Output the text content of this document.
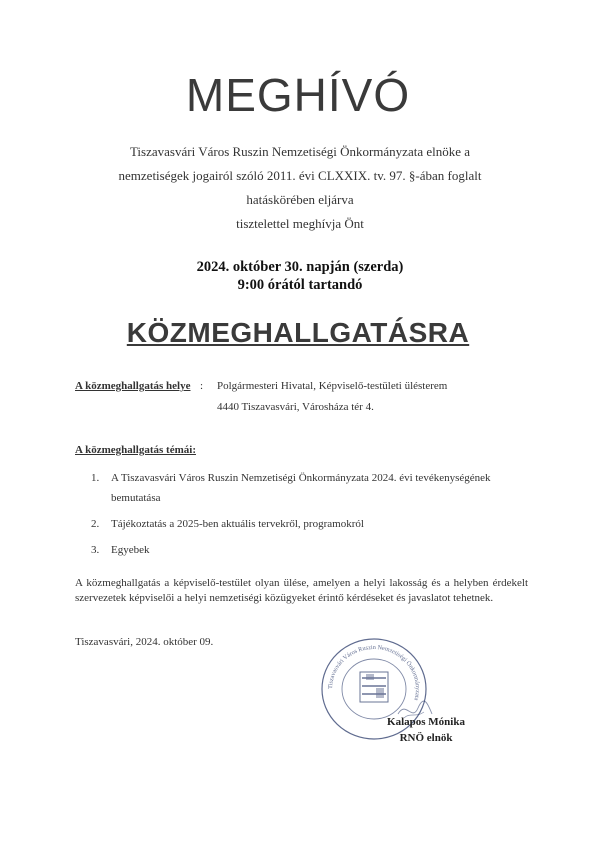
MEGHÍVÓ
Tiszavasvári Város Ruszin Nemzetiségi Önkormányzata elnöke a
nemzetiségek jogairól szóló 2011. évi CLXXIX. tv. 97. §-ában foglalt
hatáskörében eljárva
tisztelettel meghívja Önt
2024. október 30. napján (szerda)
9:00 órától tartandó
KÖZMEGHALLGATÁSRA
A közmeghallgatás helye : Polgármesteri Hivatal, Képviselő-testületi ülésterem
4440 Tiszavasvári, Városháza tér 4.
A közmeghallgatás témái:
1.	A Tiszavasvári Város Ruszin Nemzetiségi Önkormányzata 2024. évi tevékenységének bemutatása
2.	Tájékoztatás a 2025-ben aktuális tervekről, programokról
3.	Egyebek
A közmeghallgatás a képviselő-testület olyan ülése, amelyen a helyi lakosság és a helyben érdekelt szervezetek képviselői a helyi nemzetiségi közügyeket érintő kérdéseket és javaslatot tehetnek.
Tiszavasvári, 2024. október 09.
Tiszavasvári Város Ruszin Nemzetiségi Önkormányzata
Kalapos Mónika
RNÖ elnök
